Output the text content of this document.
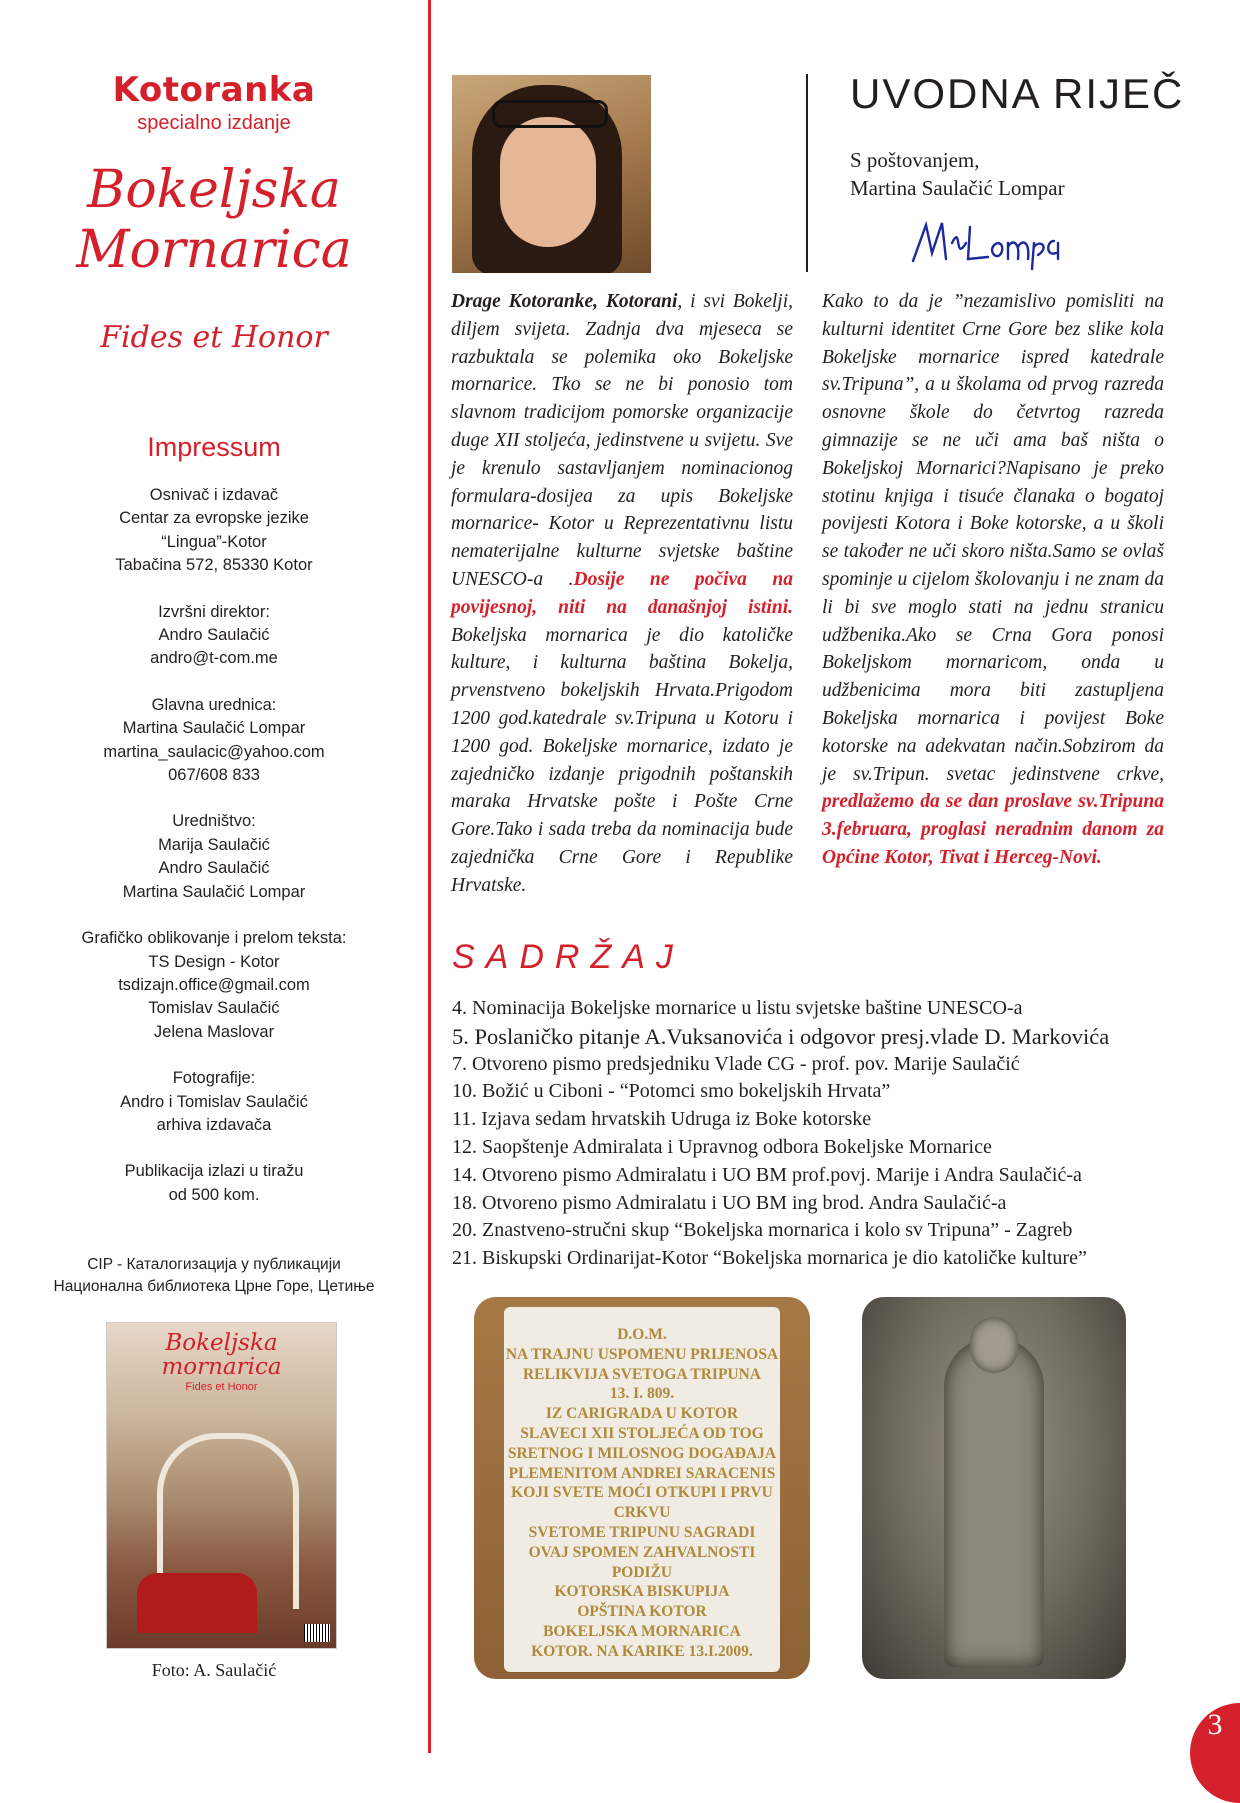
Kotoranka
specialno izdanje
Bokeljska
Mornarica
Fides et Honor
Impressum
Osnivač i izdavač
Centar za evropske jezike
“Lingua”-Kotor
Tabačina 572, 85330 Kotor
Izvršni direktor:
Andro Saulačić
andro@t-com.me
Glavna urednica:
Martina Saulačić Lompar
martina_saulacic@yahoo.com
067/608 833
Uredništvo:
Marija Saulačić
Andro Saulačić
Martina Saulačić Lompar
Grafičko oblikovanje i prelom teksta:
TS Design - Kotor
tsdizajn.office@gmail.com
Tomislav Saulačić
Jelena Maslovar
Fotografije:
Andro i Tomislav Saulačić
arhiva izdavača
Publikacija izlazi u tiražu
od 500 kom.
CIP - Каталогизација у публикацији
Национална библиотека Црне Горе, Цетиње
Bokeljska mornarica
Fides et Honor
Foto: A. Saulačić
UVODNA RIJEČ
S poštovanjem,
Martina Saulačić Lompar
Drage Kotoranke, Kotorani, i svi Bokelji, diljem svijeta. Zadnja dva mjeseca se razbuktala se polemika oko Bokeljske mornarice. Tko se ne bi ponosio tom slavnom tradicijom pomorske organizacije duge XII stoljeća, jedinstvene u svijetu. Sve je krenulo sastavljanjem nominacionog formulara-dosijea za upis Bokeljske mornarice- Kotor u Reprezentativnu listu nematerijalne kulturne svjetske baštine UNESCO-a .Dosije ne počiva na povijesnoj, niti na današnjoj istini. Bokeljska mornarica je dio katoličke kulture, i kulturna baština Bokelja, prvenstveno bokeljskih Hrvata.Prigodom 1200 god.katedrale sv.Tripuna u Kotoru i 1200 god. Bokeljske mornarice, izdato je zajedničko izdanje prigodnih poštanskih maraka Hrvatske pošte i Pošte Crne Gore.Tako i sada treba da nominacija bude zajednička Crne Gore i Republike Hrvatske.
Kako to da je ”nezamislivo pomisliti na kulturni identitet Crne Gore bez slike kola Bokeljske mornarice ispred katedrale sv.Tripuna”, a u školama od prvog razreda osnovne škole do četvrtog razreda gimnazije se ne uči ama baš ništa o Bokeljskoj Mornarici?Napisano je preko stotinu knjiga i tisuće članaka o bogatoj povijesti Kotora i Boke kotorske, a u školi se također ne uči skoro ništa.Samo se ovlaš spominje u cijelom školovanju i ne znam da li bi sve moglo stati na jednu stranicu udžbenika.Ako se Crna Gora ponosi Bokeljskom mornaricom, onda u udžbenicima mora biti zastupljena Bokeljska mornarica i povijest Boke kotorske na adekvatan način.Sobzirom da je sv.Tripun. svetac jedinstvene crkve, predlažemo da se dan proslave sv.Tripuna 3.februara, proglasi neradnim danom za Općine Kotor, Tivat i Herceg-Novi.
SADRŽAJ
4. Nominacija Bokeljske mornarice u listu svjetske baštine UNESCO-a
5. Poslaničko pitanje A.Vuksanovića i odgovor presj.vlade D. Markovića
7. Otvoreno pismo predsjedniku Vlade CG - prof. pov. Marije Saulačić
10. Božić u Ciboni - “Potomci smo bokeljskih Hrvata”
11. Izjava sedam hrvatskih Udruga iz Boke kotorske
12. Saopštenje Admiralata i Upravnog odbora Bokeljske Mornarice
14. Otvoreno pismo Admiralatu i UO BM prof.povj. Marije i Andra Saulačić-a
18. Otvoreno pismo Admiralatu i UO BM ing brod. Andra Saulačić-a
20. Znastveno-stručni skup “Bokeljska mornarica i kolo sv Tripuna” - Zagreb
21. Biskupski Ordinarijat-Kotor “Bokeljska mornarica je dio katoličke kulture”
D.O.M.
NA TRAJNU USPOMENU PRIJENOSA
RELIKVIJA SVETOGA TRIPUNA
13. I. 809.
IZ CARIGRADA U KOTOR
SLAVECI XII STOLJEĆA OD TOG
SRETNOG I MILOSNOG DOGAĐAJA
PLEMENITOM ANDREI SARACENIS
KOJI SVETE MOĆI OTKUPI I PRVU CRKVU
SVETOME TRIPUNU SAGRADI
OVAJ SPOMEN ZAHVALNOSTI
PODIŽU
KOTORSKA BISKUPIJA
OPŠTINA KOTOR
BOKELJSKA MORNARICA
KOTOR. NA KARIKE 13.I.2009.
3
